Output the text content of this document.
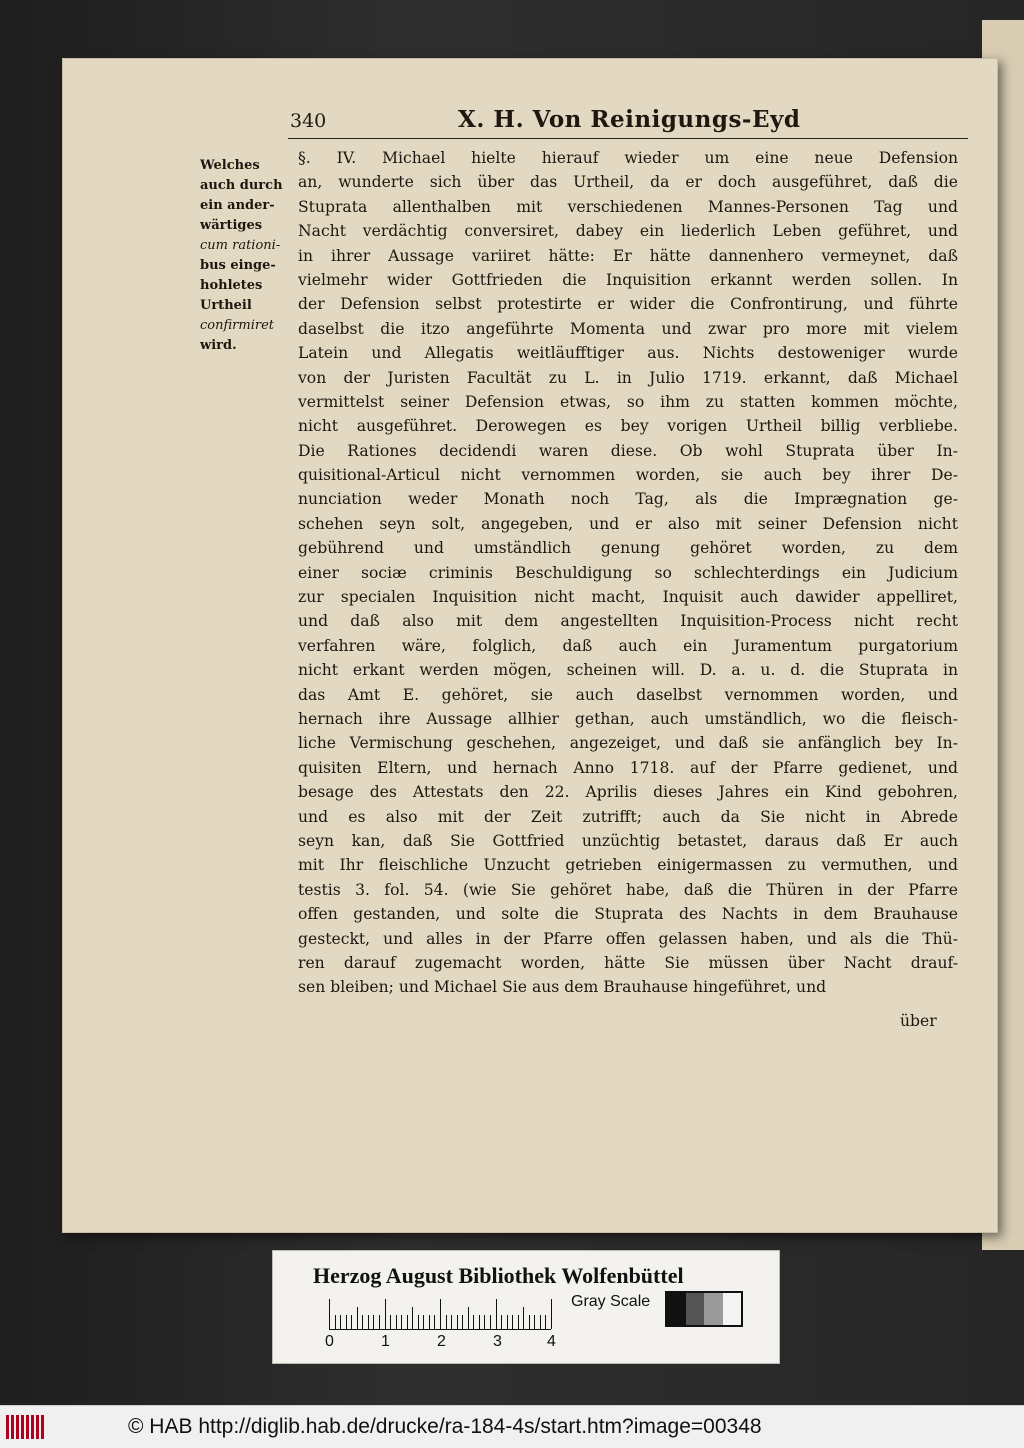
340	X. H. Von Reinigungs-Eyd
Welches
auch durch
ein ander-
wärtiges
cum rationi-
bus einge-
hohletes
Urtheil
confirmiret
wird.
§. IV. Michael hielte hierauf wieder um eine neue Defension
an, wunderte sich über das Urtheil, da er doch ausgeführet, daß die
Stuprata allenthalben mit verschiedenen Mannes-Personen Tag und
Nacht verdächtig conversiret, dabey ein liederlich Leben geführet, und
in ihrer Aussage variiret hätte: Er hätte dannenhero vermeynet, daß
vielmehr wider Gottfrieden die Inquisition erkannt werden sollen. In
der Defension selbst protestirte er wider die Confrontirung, und führte
daselbst die itzo angeführte Momenta und zwar pro more mit vielem
Latein und Allegatis weitläufftiger aus. Nichts destoweniger wurde
von der Juristen Facultät zu L. in Julio 1719. erkannt, daß Michael
vermittelst seiner Defension etwas, so ihm zu statten kommen möchte,
nicht ausgeführet. Derowegen es bey vorigen Urtheil billig verbliebe.
Die Rationes decidendi waren diese. Ob wohl Stuprata über In-
quisitional-Articul nicht vernommen worden, sie auch bey ihrer De-
nunciation weder Monath noch Tag, als die Imprægnation ge-
schehen seyn solt, angegeben, und er also mit seiner Defension nicht
gebührend und umständlich genung gehöret worden, zu dem
einer sociæ criminis Beschuldigung so schlechterdings ein Judicium
zur specialen Inquisition nicht macht, Inquisit auch dawider appelliret,
und daß also mit dem angestellten Inquisition-Process nicht recht
verfahren wäre, folglich, daß auch ein Juramentum purgatorium
nicht erkant werden mögen, scheinen will. D. a. u. d. die Stuprata in
das Amt E. gehöret, sie auch daselbst vernommen worden, und
hernach ihre Aussage allhier gethan, auch umständlich, wo die fleisch-
liche Vermischung geschehen, angezeiget, und daß sie anfänglich bey In-
quisiten Eltern, und hernach Anno 1718. auf der Pfarre gedienet, und
besage des Attestats den 22. Aprilis dieses Jahres ein Kind gebohren,
und es also mit der Zeit zutrifft; auch da Sie nicht in Abrede
seyn kan, daß Sie Gottfried unzüchtig betastet, daraus daß Er auch
mit Ihr fleischliche Unzucht getrieben einigermassen zu vermuthen, und
testis 3. fol. 54. (wie Sie gehöret habe, daß die Thüren in der Pfarre
offen gestanden, und solte die Stuprata des Nachts in dem Brauhause
gesteckt, und alles in der Pfarre offen gelassen haben, und als die Thü-
ren darauf zugemacht worden, hätte Sie müssen über Nacht drauf-
sen bleiben; und Michael Sie aus dem Brauhause hingeführet, und
über
Herzog August Bibliothek Wolfenbüttel
0	1	2	3	4
Gray Scale
© HAB http://diglib.hab.de/drucke/ra-184-4s/start.htm?image=00348
